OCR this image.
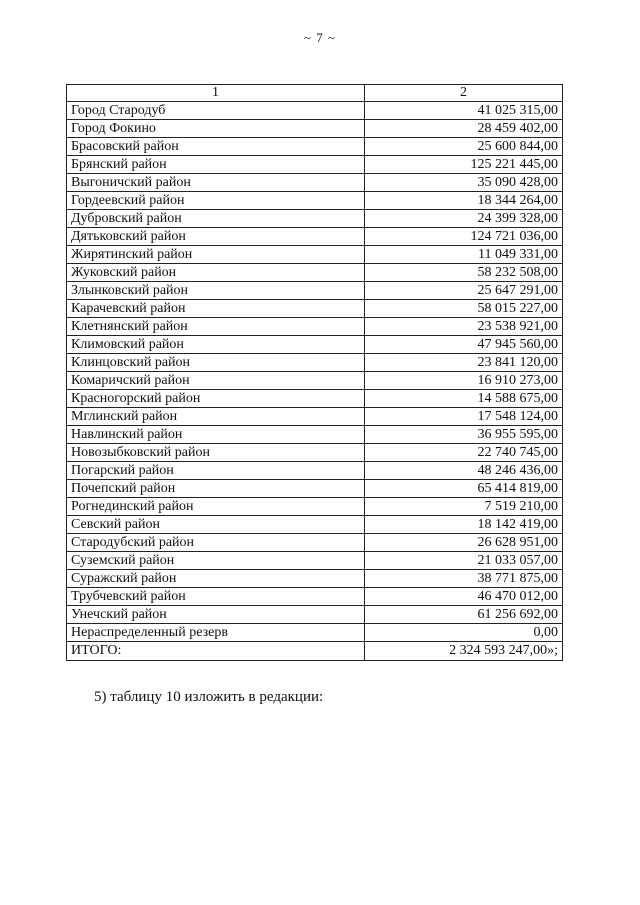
~ 7 ~
1	2
Город Стародуб	41 025 315,00
Город Фокино	28 459 402,00
Брасовский район	25 600 844,00
Брянский район	125 221 445,00
Выгоничский район	35 090 428,00
Гордеевский район	18 344 264,00
Дубровский район	24 399 328,00
Дятьковский район	124 721 036,00
Жирятинский район	11 049 331,00
Жуковский район	58 232 508,00
Злынковский район	25 647 291,00
Карачевский район	58 015 227,00
Клетнянский район	23 538 921,00
Климовский район	47 945 560,00
Клинцовский район	23 841 120,00
Комаричский район	16 910 273,00
Красногорский район	14 588 675,00
Мглинский район	17 548 124,00
Навлинский район	36 955 595,00
Новозыбковский район	22 740 745,00
Погарский район	48 246 436,00
Почепский район	65 414 819,00
Рогнединский район	7 519 210,00
Севский район	18 142 419,00
Стародубский район	26 628 951,00
Суземский район	21 033 057,00
Суражский район	38 771 875,00
Трубчевский район	46 470 012,00
Унечский район	61 256 692,00
Нераспределенный резерв	0,00
ИТОГО:	2 324 593 247,00»;
5) таблицу 10 изложить в редакции:
